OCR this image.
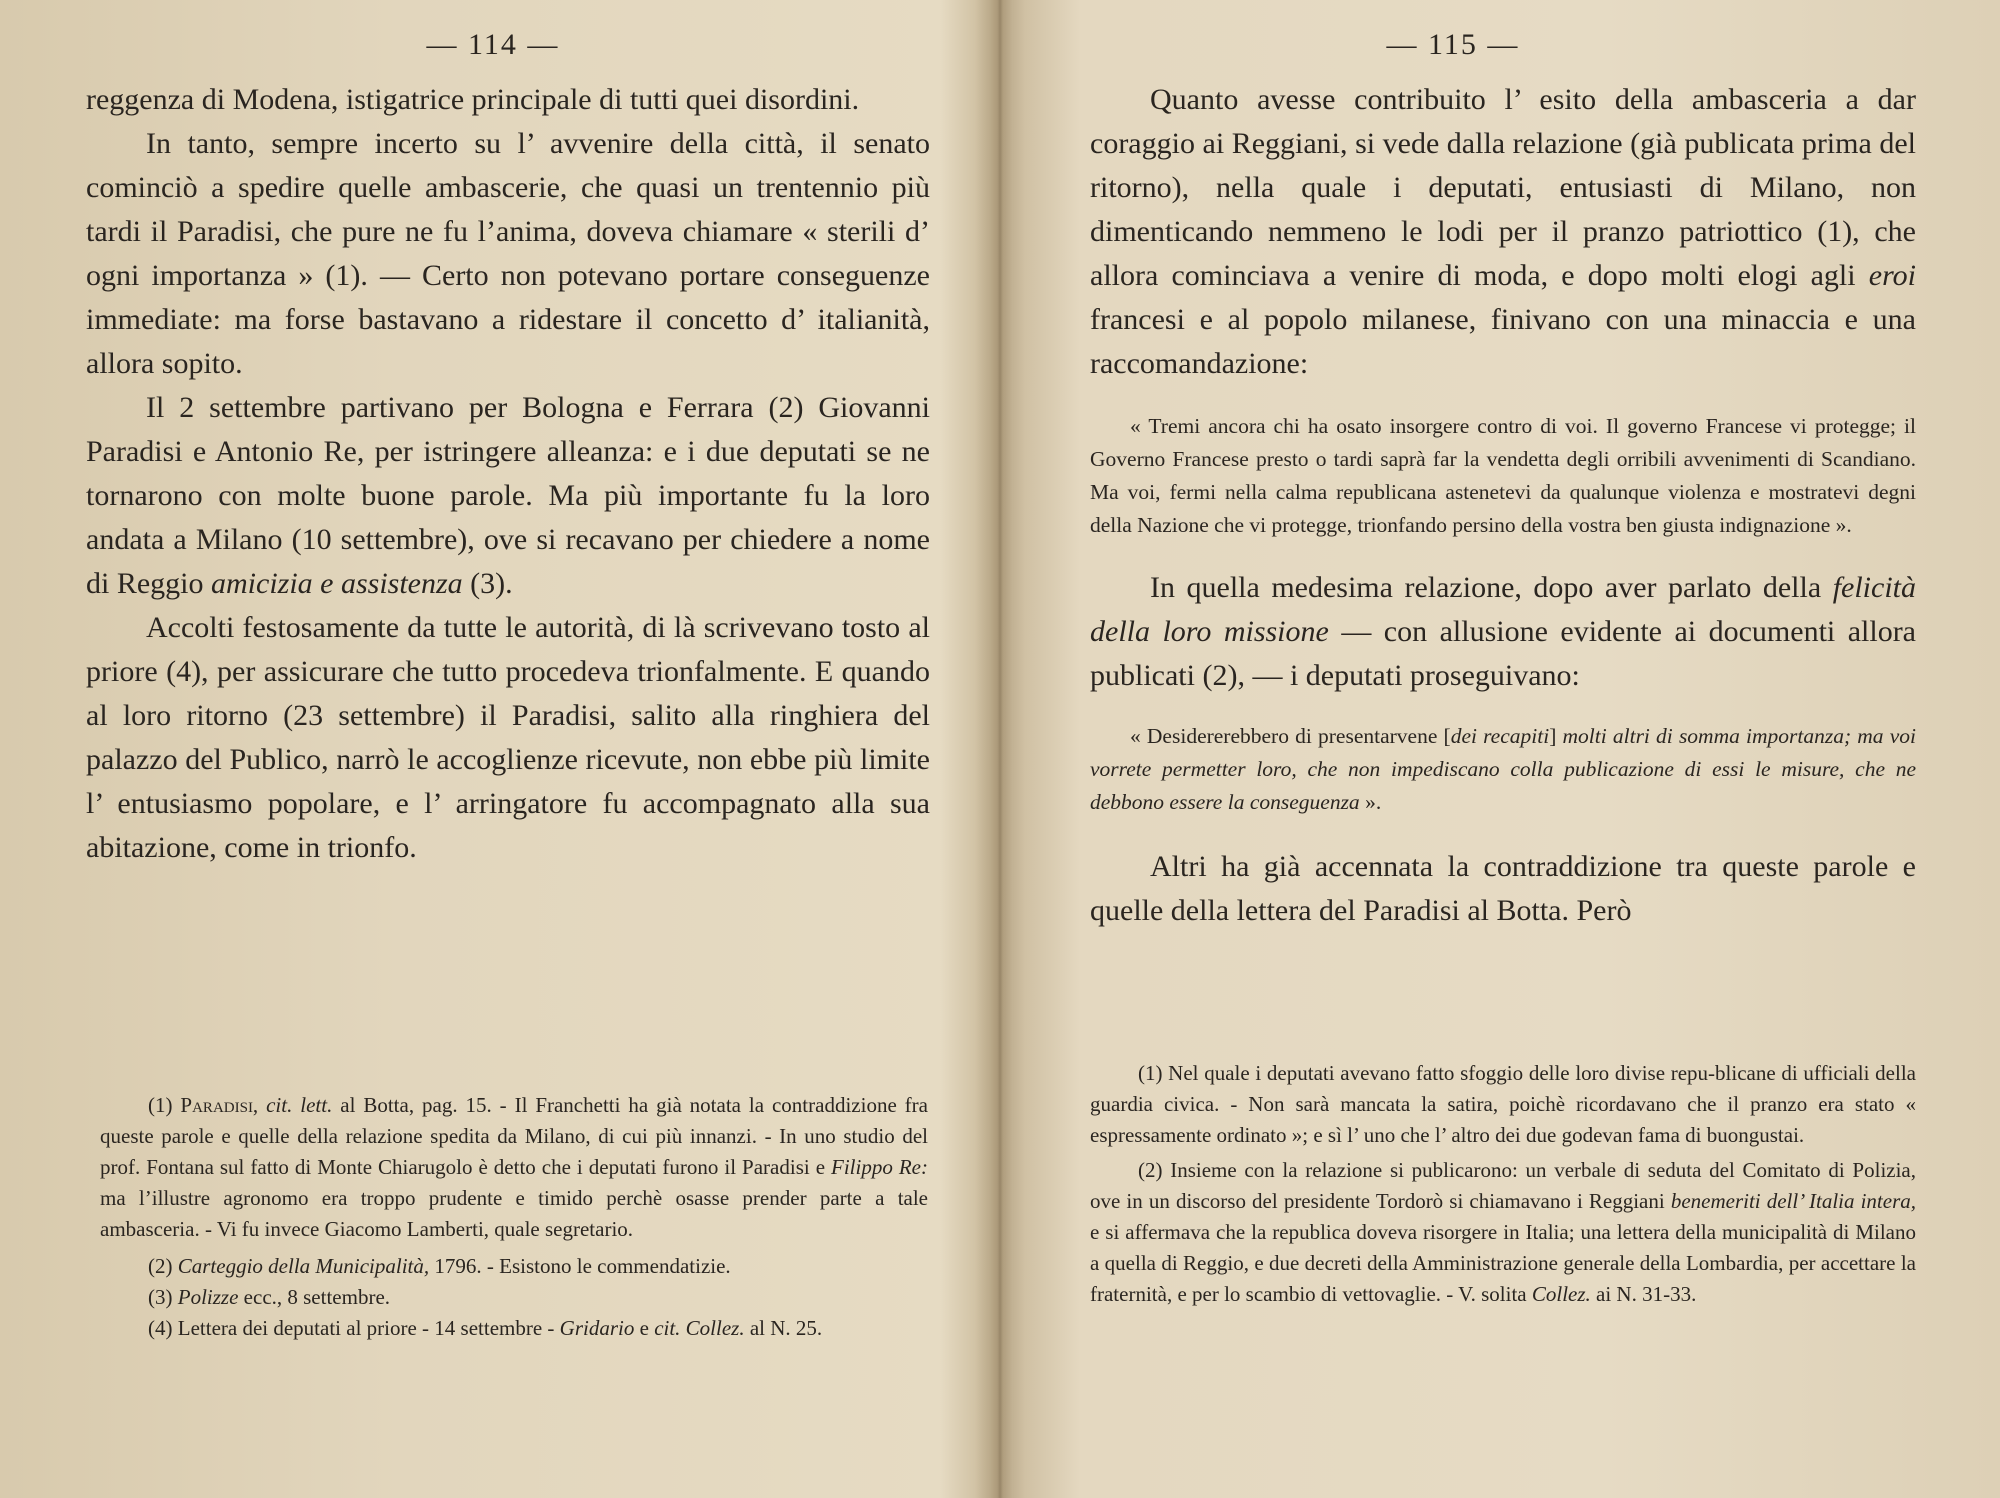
— 114 —

reggenza di Modena, istigatrice principale di tutti quei disordini.

In tanto, sempre incerto su l’ avvenire della città, il senato cominciò a spedire quelle ambascerie, che quasi un trentennio più tardi il Paradisi, che pure ne fu l’anima, doveva chiamare « sterili d’ ogni importanza » (1). — Certo non potevano portare conseguenze immediate: ma forse bastavano a ridestare il concetto d’ italianità, allora sopito.

Il 2 settembre partivano per Bologna e Ferrara (2) Giovanni Paradisi e Antonio Re, per istringere alleanza: e i due deputati se ne tornarono con molte buone parole. Ma più importante fu la loro andata a Milano (10 settembre), ove si recavano per chiedere a nome di Reggio amicizia e assistenza (3).

Accolti festosamente da tutte le autorità, di là scrivevano tosto al priore (4), per assicurare che tutto procedeva trionfalmente. E quando al loro ritorno (23 settembre) il Paradisi, salito alla ringhiera del palazzo del Publico, narrò le accoglienze ricevute, non ebbe più limite l’ entusiasmo popolare, e l’ arringatore fu accompagnato alla sua abitazione, come in trionfo.

(1) Paradisi, cit. lett. al Botta, pag. 15. - Il Franchetti ha già notata la contraddizione fra queste parole e quelle della relazione spedita da Milano, di cui più innanzi. - In uno studio del prof. Fontana sul fatto di Monte Chiarugolo è detto che i deputati furono il Paradisi e Filippo Re: ma l’illustre agronomo era troppo prudente e timido perchè osasse prender parte a tale ambasceria. - Vi fu invece Giacomo Lamberti, quale segretario.

(2) Carteggio della Municipalità, 1796. - Esistono le commendatizie.

(3) Polizze ecc., 8 settembre.

(4) Lettera dei deputati al priore - 14 settembre - Gridario e cit. Collez. al N. 25.

— 115 —

Quanto avesse contribuito l’ esito della ambasceria a dar coraggio ai Reggiani, si vede dalla relazione (già publicata prima del ritorno), nella quale i deputati, entusiasti di Milano, non dimenticando nemmeno le lodi per il pranzo patriottico (1), che allora cominciava a venire di moda, e dopo molti elogi agli eroi francesi e al popolo milanese, finivano con una minaccia e una raccomandazione:

« Tremi ancora chi ha osato insorgere contro di voi. Il governo Francese vi protegge; il Governo Francese presto o tardi saprà far la vendetta degli orribili avvenimenti di Scandiano. Ma voi, fermi nella calma republicana astenetevi da qualunque violenza e mostratevi degni della Nazione che vi protegge, trionfando persino della vostra ben giusta indignazione ».

In quella medesima relazione, dopo aver parlato della felicità della loro missione — con allusione evidente ai documenti allora publicati (2), — i deputati proseguivano:

« Desidererebbero di presentarvene [dei recapiti] molti altri di somma importanza; ma voi vorrete permetter loro, che non impediscano colla publicazione di essi le misure, che ne debbono essere la conseguenza ».

Altri ha già accennata la contraddizione tra queste parole e quelle della lettera del Paradisi al Botta. Però

(1) Nel quale i deputati avevano fatto sfoggio delle loro divise repu-blicane di ufficiali della guardia civica. - Non sarà mancata la satira, poichè ricordavano che il pranzo era stato « espressamente ordinato »; e sì l’ uno che l’ altro dei due godevan fama di buongustai.

(2) Insieme con la relazione si publicarono: un verbale di seduta del Comitato di Polizia, ove in un discorso del presidente Tordorò si chiamavano i Reggiani benemeriti dell’ Italia intera, e si affermava che la republica doveva risorgere in Italia; una lettera della municipalità di Milano a quella di Reggio, e due decreti della Amministrazione generale della Lombardia, per accettare la fraternità, e per lo scambio di vettovaglie. - V. solita Collez. ai N. 31-33.
